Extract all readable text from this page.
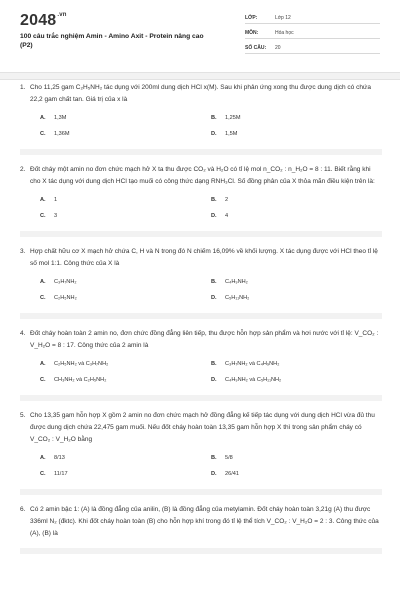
$2048^{.vn}$
100 câu trắc nghiệm Amin - Amino Axit - Protein nâng cao (P2)
LỚP:	Lớp 12
MÔN:	Hóa học
SỐ CÂU:	20
1. Cho 11,25 gam C₂H₅NH₂ tác dụng với 200ml dung dịch HCl x(M). Sau khi phản ứng xong thu được dung dịch có chứa 22,2 gam chất tan. Giá trị của x là
A.	1,3M	B.	1,25M
C.	1,36M	D.	1,5M
2. Đốt cháy một amin no đơn chức mạch hở X ta thu được CO₂ và H₂O có tỉ lệ mol n_CO₂ : n_H₂O = 8 : 11. Biết rằng khi cho X tác dụng với dung dịch HCl tạo muối có công thức dạng RNH₃Cl. Số đồng phân của X thỏa mãn điều kiện trên là:
A.	1	B.	2
C.	3	D.	4
3. Hợp chất hữu cơ X mạch hở chứa C, H và N trong đó N chiếm 16,09% về khối lượng. X tác dụng được với HCl theo tỉ lệ số mol 1:1. Công thức của X là
A.	C₃H₇NH₂	B.	C₄H₉NH₂
C.	C₂H₅NH₂	D.	C₅H₁₁NH₂
4. Đốt cháy hoàn toàn 2 amin no, đơn chức đồng đẳng liên tiếp, thu được hỗn hợp sản phẩm và hơi nước với tỉ lệ: V_CO₂ : V_H₂O = 8 : 17. Công thức của 2 amin là
A.	C₂H₅NH₂ và C₃H₇NH₂	B.	C₃H₇NH₂ và C₄H₉NH₂
C.	CH₃NH₂ và C₂H₅NH₂	D.	C₄H₉NH₂ và C₅H₁₁NH₂
5. Cho 13,35 gam hỗn hợp X gồm 2 amin no đơn chức mạch hở đồng đẳng kế tiếp tác dụng với dung dịch HCl vừa đủ thu được dung dịch chứa 22,475 gam muối. Nếu đốt cháy hoàn toàn 13,35 gam hỗn hợp X thì trong sản phẩm cháy có V_CO₂ : V_H₂O bằng
A.	8/13	B.	5/8
C.	11/17	D.	26/41
6. Có 2 amin bậc 1: (A) là đồng đẳng của anilin, (B) là đồng đẳng của metylamin. Đốt cháy hoàn toàn 3,21g (A) thu được 336ml N₂ (đktc). Khi đốt cháy hoàn toàn (B) cho hỗn hợp khí trong đó tỉ lệ thể tích V_CO₂ : V_H₂O = 2 : 3. Công thức của (A), (B) là
